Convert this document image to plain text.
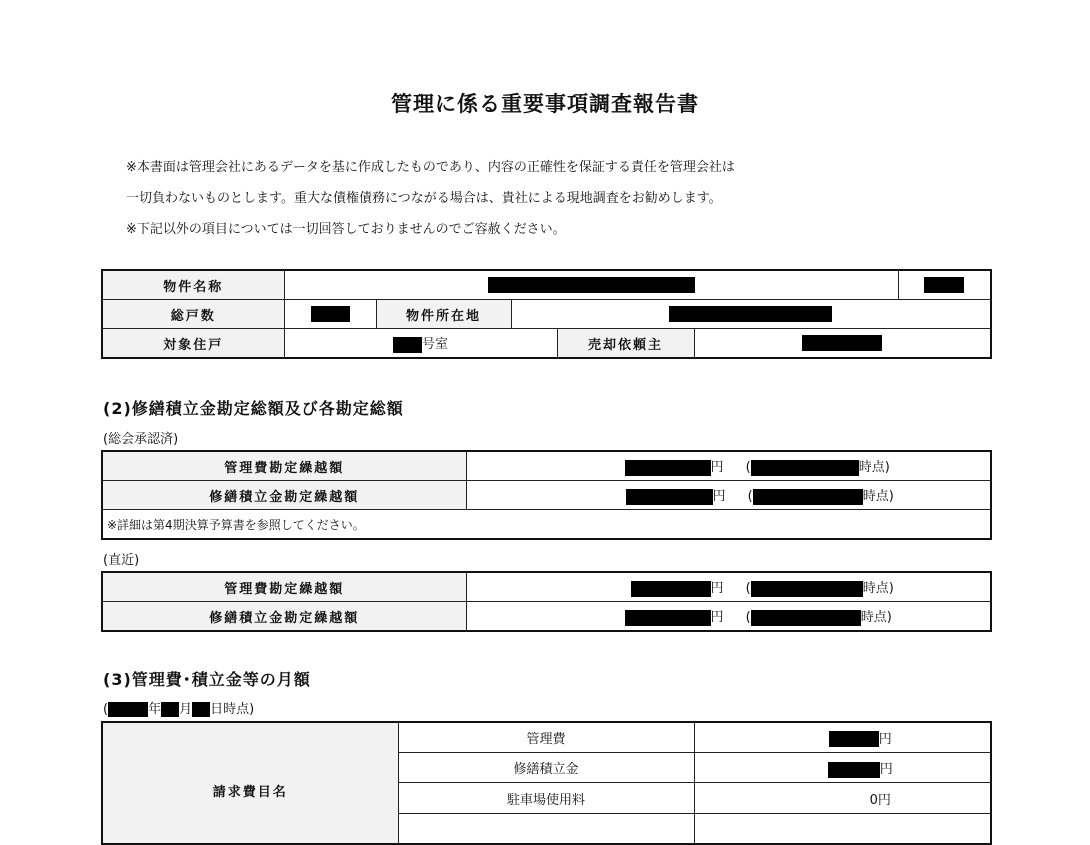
管理に係る重要事項調査報告書
※本書面は管理会社にあるデータを基に作成したものであり、内容の正確性を保証する責任を管理会社は
一切負わないものとします。重大な債権債務につながる場合は、貴社による現地調査をお勧めします。
※下記以外の項目については一切回答しておりませんのでご容赦ください。
物件名称						
総戸数		物件所在地				
対象住戸	号室			売却依頼主		
(2)修繕積立金勘定総額及び各勘定総額
(総会承認済)
管理費勘定繰越額	円 ( 時点)
修繕積立金勘定繰越額	円 ( 時点)
※詳細は第4期決算予算書を参照してください。	
(直近)
管理費勘定繰越額	円 ( 時点)
修繕積立金勘定繰越額	円 ( 時点)
(3)管理費･積立金等の月額
(	年 月 日時点)
請求費目名	管理費	円
	修繕積立金	円
	駐車場使用料	0円
